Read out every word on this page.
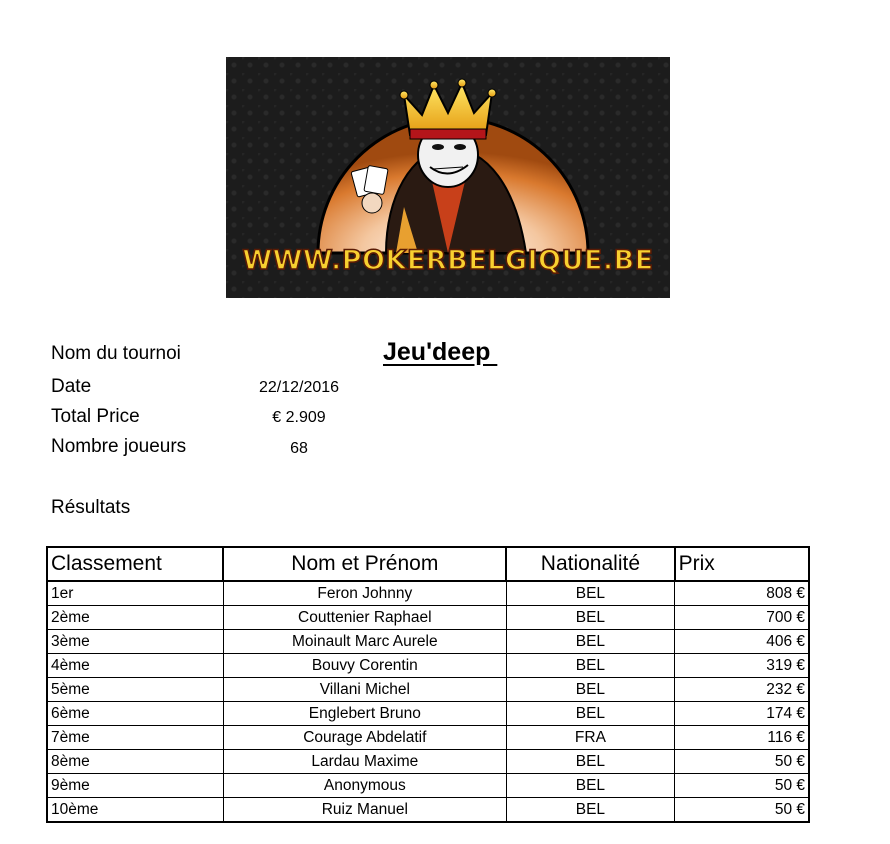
WWW.POKERBELGIQUE.BE
Nom du tournoi	Jeu'deep
Date	22/12/2016
Total Price	€ 2.909
Nombre joueurs	68
Résultats
Classement	Nom et Prénom	Nationalité	Prix
1er	Feron Johnny	BEL	808 €
2ème	Couttenier Raphael	BEL	700 €
3ème	Moinault Marc Aurele	BEL	406 €
4ème	Bouvy Corentin	BEL	319 €
5ème	Villani Michel	BEL	232 €
6ème	Englebert Bruno	BEL	174 €
7ème	Courage Abdelatif	FRA	116 €
8ème	Lardau Maxime	BEL	50 €
9ème	Anonymous	BEL	50 €
10ème	Ruiz Manuel	BEL	50 €
